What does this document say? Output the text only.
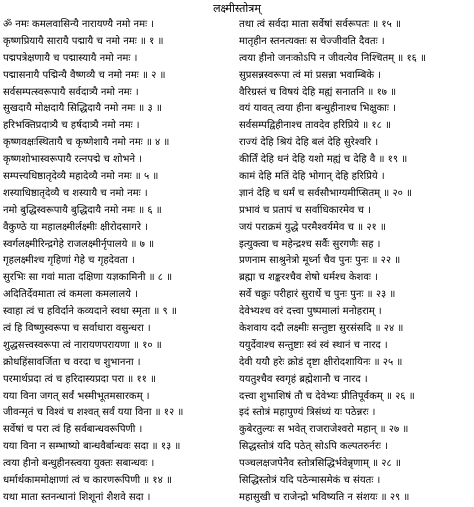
लक्ष्मीस्तोत्रम्
ॐ नमः कमलवासिन्यै नारायण्यै नमो नमः ।
कृष्णप्रियायै सारायै पद्मायै च नमो नमः ॥ १ ॥
पद्मपत्रेक्षणायै च पद्मास्यायै नमो नमः ।
पद्मासनायै पद्मिन्यै वैष्णव्यै च नमो नमः ॥ २ ॥
सर्वसम्पत्स्वरूपायै सर्वदात्र्यै नमो नमः ।
सुखदायै मोक्षदायै सिद्धिदायै नमो नमः ॥ ३ ॥
हरिभक्तिप्रदात्र्यै च हर्षदात्र्यै नमो नमः ।
कृष्णवक्षःस्थितायै च कृष्णेशायै नमो नमः ॥ ४ ॥
कृष्णशोभास्वरूपायै रत्नपद्मे च शोभने ।
सम्पत्त्यधिष्ठातृदेव्यै महादेव्यै नमो नमः ॥ ५ ॥
शस्याधिष्ठातृदेव्यै च शस्यायै च नमो नमः ।
नमो बुद्धिस्वरूपायै बुद्धिदायै नमो नमः ॥ ६ ॥
वैकुण्ठे या महालक्ष्मीर्लक्ष्मीः क्षीरोदसागरे ।
स्वर्गलक्ष्मीरिन्द्रगेहे राजलक्ष्मीर्नृपालये ॥ ७ ॥
गृहलक्ष्मीश्च गृहिणां गेहे च गृहदेवता ।
सुरभिः सा गवां माता दक्षिणा यज्ञकामिनी ॥ ८ ॥
अदितिर्देवमाता त्वं कमला कमलालये ।
स्वाहा त्वं च हविर्दाने कव्यदाने स्वधा स्मृता ॥ ९ ॥
त्वं हि विष्णुस्वरूपा च सर्वाधारा वसुन्धरा ।
शुद्धसत्त्वस्वरूपा त्वं नारायणपरायणा ॥ १० ॥
क्रोधहिंसावर्जिता च वरदा च शुभानना ।
परमार्थप्रदा त्वं च हरिदास्यप्रदा परा ॥ ११ ॥
यया विना जगत् सर्वं भस्मीभूतमसारकम् ।
जीवन्मृतं च विश्वं च शश्वत् सर्वं यया विना ॥ १२ ॥
सर्वेषां च परा त्वं हि सर्वबान्धवरूपिणी ।
यया विना न सम्भाष्यो बान्धवैर्बान्धवः सदा ॥ १३ ॥
त्वया हीनो बन्धुहीनस्त्वया युक्तः सबान्धवः ।
धर्मार्थकाममोक्षाणां त्वं च कारणरूपिणी ॥ १४ ॥
यथा माता स्तनन्धानां शिशूनां शैशवे सदा ।
तथा त्वं सर्वदा माता सर्वेषां सर्वरूपतः ॥ १५ ॥
मातृहीन स्तनत्यक्तः स चेज्जीवति दैवतः ।
त्वया हीनो जनःकोऽपि न जीवत्येव निश्चितम् ॥ १६ ॥
सुप्रसन्नस्वरूपा त्वं मां प्रसन्ना भवाम्बिके ।
वैरिग्रस्तं च विषयं देहि मह्यं सनातनि ॥ १७ ॥
वयं यावत् त्वया हीना बन्धुहीनाश्च भिक्षुकाः ।
सर्वसम्पद्विहीनाश्च तावदेव हरिप्रिये ॥ १८ ॥
राज्यं देहि श्रियं देहि बलं देहि सुरेश्वरि ।
कीर्तिं देहि धनं देहि यशो मह्यं च देहि वै ॥ १९ ॥
कामं देहि मतिं देहि भोगान् देहि हरिप्रिये ।
ज्ञानं देहि च धर्मं च सर्वसौभाग्यमीप्सितम् ॥ २० ॥
प्रभावं च प्रतापं च सर्वाधिकारमेव च ।
जयं पराक्रमं युद्धे परमैश्वर्यमेव च ॥ २१ ॥
इत्युक्त्वा च महेन्द्रश्च सर्वैः सुरगणैः सह ।
प्रणनाम साश्रुनेत्रो मूर्ध्ना चैव पुनः पुनः ॥ २२ ॥
ब्रह्मा च शङ्करश्चैव शेषो धर्मश्च केशवः ।
सर्वे चक्रुः परीहारं सुरार्थे च पुनः पुनः ॥ २३ ॥
देवेभ्यश्च वरं दत्त्वा पुष्पमालां मनोहराम् ।
केशवाय ददौ लक्ष्मीः सन्तुष्टा सुरसंसदि ॥ २४ ॥
ययुर्देवाश्च सन्तुष्टाः स्वं स्वं स्थानं च नारद ।
देवी ययौ हरेः क्रोडं दृष्टा क्षीरोदशायिनः ॥ २५ ॥
ययतुश्चैव स्वगृहं ब्रह्मेशानौ च नारद ।
दत्त्वा शुभाशिषं तौ च देवेभ्यः प्रीतिपूर्वकम् ॥ २६ ॥
इदं स्तोत्रं महापुण्यं त्रिसंध्यं यः पठेन्नरः ।
कुबेरतुल्यः स भवेत् राजराजेश्वरो महान् ॥ २७ ॥
सिद्धस्तोत्रं यदि पठेत् सोऽपि कल्पतरुर्नरः ।
पञ्चलक्षजपेनैव स्तोत्रसिद्धिर्भवेन्नृणाम् ॥ २८ ॥
सिद्धिस्तोत्रं यदि पठेन्मासमेकं च संयतः ।
महासुखी च राजेन्द्रो भविष्यति न संशयः ॥ २९ ॥
